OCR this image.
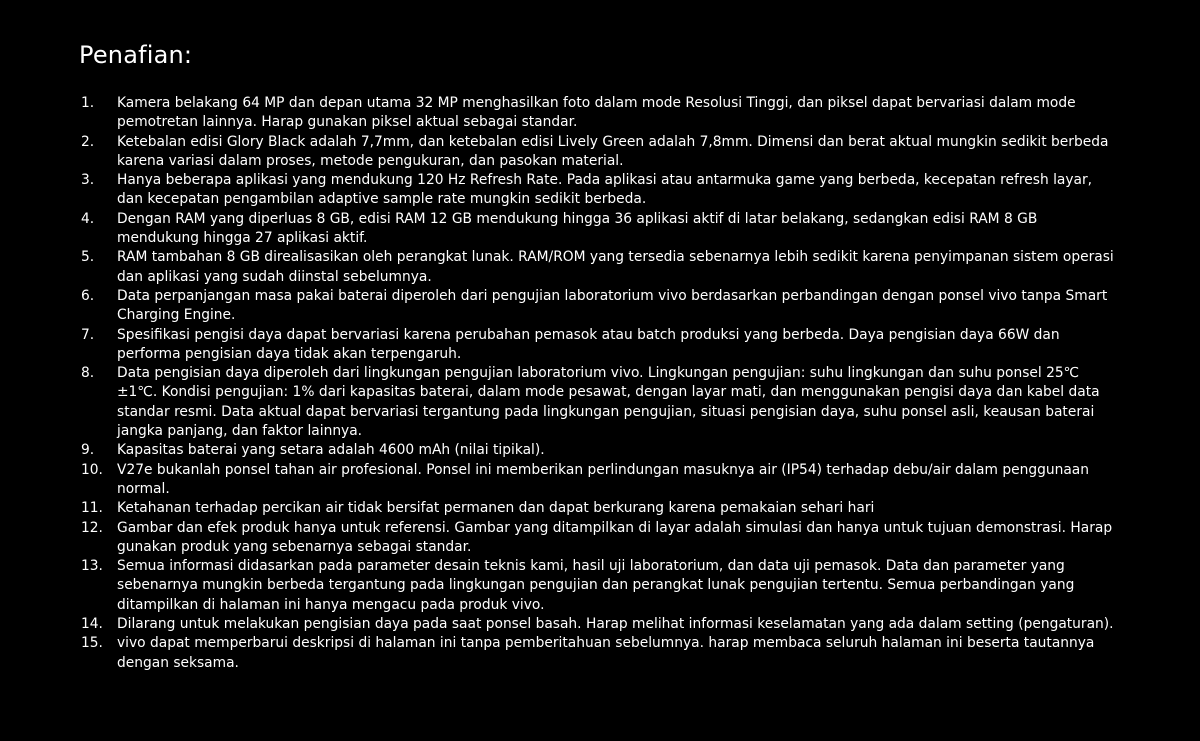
Penafian:
1.	Kamera belakang 64 MP dan depan utama 32 MP menghasilkan foto dalam mode Resolusi Tinggi, dan piksel dapat bervariasi dalam mode pemotretan lainnya. Harap gunakan piksel aktual sebagai standar.
2.	Ketebalan edisi Glory Black adalah 7,7mm, dan ketebalan edisi Lively Green adalah 7,8mm. Dimensi dan berat aktual mungkin sedikit berbeda karena variasi dalam proses, metode pengukuran, dan pasokan material.
3.	Hanya beberapa aplikasi yang mendukung 120 Hz Refresh Rate. Pada aplikasi atau antarmuka game yang berbeda, kecepatan refresh layar, dan kecepatan pengambilan adaptive sample rate mungkin sedikit berbeda.
4.	Dengan RAM yang diperluas 8 GB, edisi RAM 12 GB mendukung hingga 36 aplikasi aktif di latar belakang, sedangkan edisi RAM 8 GB mendukung hingga 27 aplikasi aktif.
5.	RAM tambahan 8 GB direalisasikan oleh perangkat lunak. RAM/ROM yang tersedia sebenarnya lebih sedikit karena penyimpanan sistem operasi dan aplikasi yang sudah diinstal sebelumnya.
6.	Data perpanjangan masa pakai baterai diperoleh dari pengujian laboratorium vivo berdasarkan perbandingan dengan ponsel vivo tanpa Smart Charging Engine.
7.	Spesifikasi pengisi daya dapat bervariasi karena perubahan pemasok atau batch produksi yang berbeda. Daya pengisian daya 66W dan performa pengisian daya tidak akan terpengaruh.
8.	Data pengisian daya diperoleh dari lingkungan pengujian laboratorium vivo. Lingkungan pengujian: suhu lingkungan dan suhu ponsel 25℃±1℃. Kondisi pengujian: 1% dari kapasitas baterai, dalam mode pesawat, dengan layar mati, dan menggunakan pengisi daya dan kabel data standar resmi. Data aktual dapat bervariasi tergantung pada lingkungan pengujian, situasi pengisian daya, suhu ponsel asli, keausan baterai jangka panjang, dan faktor lainnya.
9.	Kapasitas baterai yang setara adalah 4600 mAh (nilai tipikal).
10.	V27e bukanlah ponsel tahan air profesional. Ponsel ini memberikan perlindungan masuknya air (IP54) terhadap debu/air dalam penggunaan normal.
11.	Ketahanan terhadap percikan air tidak bersifat permanen dan dapat berkurang karena pemakaian sehari hari
12.	Gambar dan efek produk hanya untuk referensi. Gambar yang ditampilkan di layar adalah simulasi dan hanya untuk tujuan demonstrasi. Harap gunakan produk yang sebenarnya sebagai standar.
13.	Semua informasi didasarkan pada parameter desain teknis kami, hasil uji laboratorium, dan data uji pemasok. Data dan parameter yang sebenarnya mungkin berbeda tergantung pada lingkungan pengujian dan perangkat lunak pengujian tertentu. Semua perbandingan yang ditampilkan di halaman ini hanya mengacu pada produk vivo.
14.	Dilarang untuk melakukan pengisian daya pada saat ponsel basah. Harap melihat informasi keselamatan yang ada dalam setting (pengaturan).
15.	vivo dapat memperbarui deskripsi di halaman ini tanpa pemberitahuan sebelumnya. harap membaca seluruh halaman ini beserta tautannya dengan seksama.
